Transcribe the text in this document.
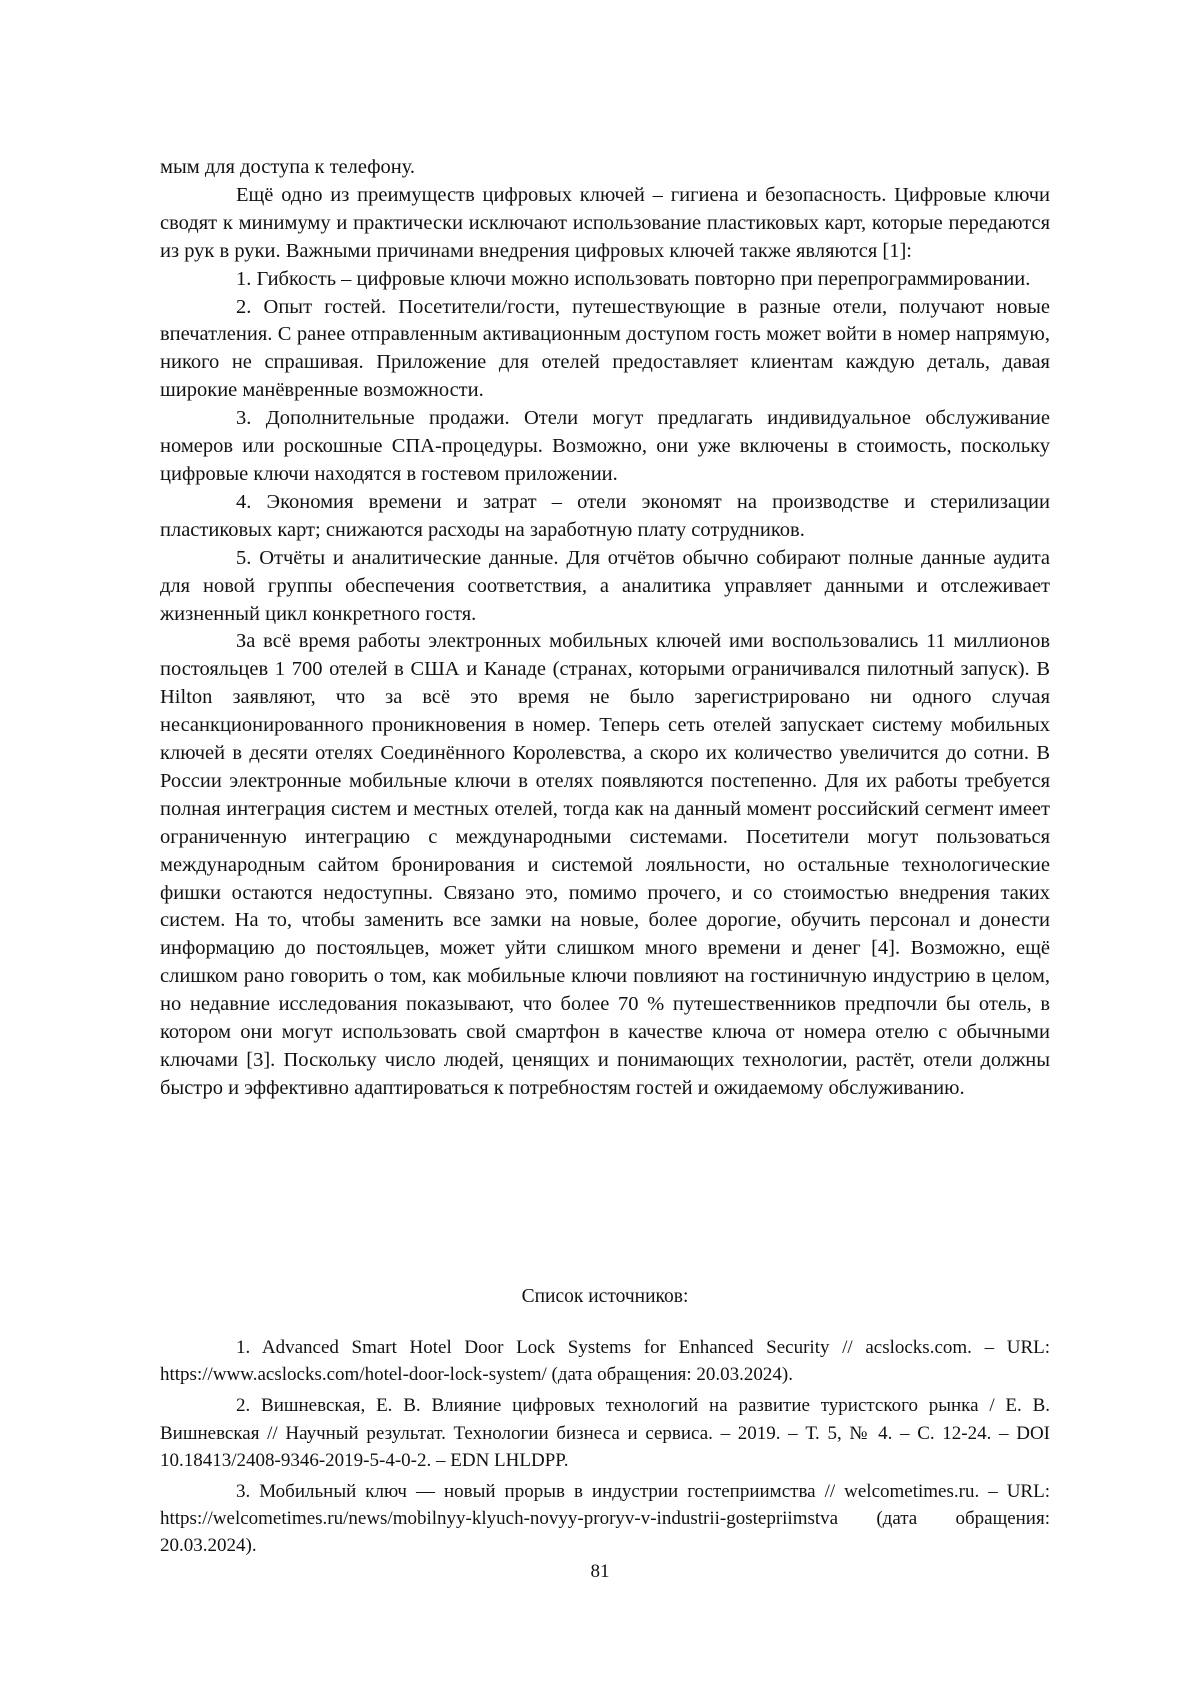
мым для доступа к телефону.

Ещё одно из преимуществ цифровых ключей – гигиена и безопасность. Цифровые ключи сводят к минимуму и практически исключают использование пластиковых карт, которые передаются из рук в руки. Важными причинами внедрения цифровых ключей также являются [1]:

1. Гибкость – цифровые ключи можно использовать повторно при перепрограммировании.

2. Опыт гостей. Посетители/гости, путешествующие в разные отели, получают новые впечатления. С ранее отправленным активационным доступом гость может войти в номер напрямую, никого не спрашивая. Приложение для отелей предоставляет клиентам каждую деталь, давая широкие манёвренные возможности.

3. Дополнительные продажи. Отели могут предлагать индивидуальное обслуживание номеров или роскошные СПА-процедуры. Возможно, они уже включены в стоимость, поскольку цифровые ключи находятся в гостевом приложении.

4. Экономия времени и затрат – отели экономят на производстве и стерилизации пластиковых карт; снижаются расходы на заработную плату сотрудников.

5. Отчёты и аналитические данные. Для отчётов обычно собирают полные данные аудита для новой группы обеспечения соответствия, а аналитика управляет данными и отслеживает жизненный цикл конкретного гостя.

За всё время работы электронных мобильных ключей ими воспользовались 11 миллионов постояльцев 1 700 отелей в США и Канаде (странах, которыми ограничивался пилотный запуск). В Hilton заявляют, что за всё это время не было зарегистрировано ни одного случая несанкционированного проникновения в номер. Теперь сеть отелей запускает систему мобильных ключей в десяти отелях Соединённого Королевства, а скоро их количество увеличится до сотни. В России электронные мобильные ключи в отелях появляются постепенно. Для их работы требуется полная интеграция систем и местных отелей, тогда как на данный момент российский сегмент имеет ограниченную интеграцию с международными системами. Посетители могут пользоваться международным сайтом бронирования и системой лояльности, но остальные технологические фишки остаются недоступны. Связано это, помимо прочего, и со стоимостью внедрения таких систем. На то, чтобы заменить все замки на новые, более дорогие, обучить персонал и донести информацию до постояльцев, может уйти слишком много времени и денег [4]. Возможно, ещё слишком рано говорить о том, как мобильные ключи повлияют на гостиничную индустрию в целом, но недавние исследования показывают, что более 70 % путешественников предпочли бы отель, в котором они могут использовать свой смартфон в качестве ключа от номера отелю с обычными ключами [3]. Поскольку число людей, ценящих и понимающих технологии, растёт, отели должны быстро и эффективно адаптироваться к потребностям гостей и ожидаемому обслуживанию.

Список источников:

1. Advanced Smart Hotel Door Lock Systems for Enhanced Security // acslocks.com. – URL: https://www.acslocks.com/hotel-door-lock-system/ (дата обращения: 20.03.2024).

2. Вишневская, Е. В. Влияние цифровых технологий на развитие туристского рынка / Е. В. Вишневская // Научный результат. Технологии бизнеса и сервиса. – 2019. – Т. 5, № 4. – С. 12-24. – DOI 10.18413/2408-9346-2019-5-4-0-2. – EDN LHLDPP.

3. Мобильный ключ — новый прорыв в индустрии гостеприимства // welcometimes.ru. – URL: https://welcometimes.ru/news/mobilnyy-klyuch-novyy-proryv-v-industrii-gostepriimstva (дата обращения: 20.03.2024).

81
